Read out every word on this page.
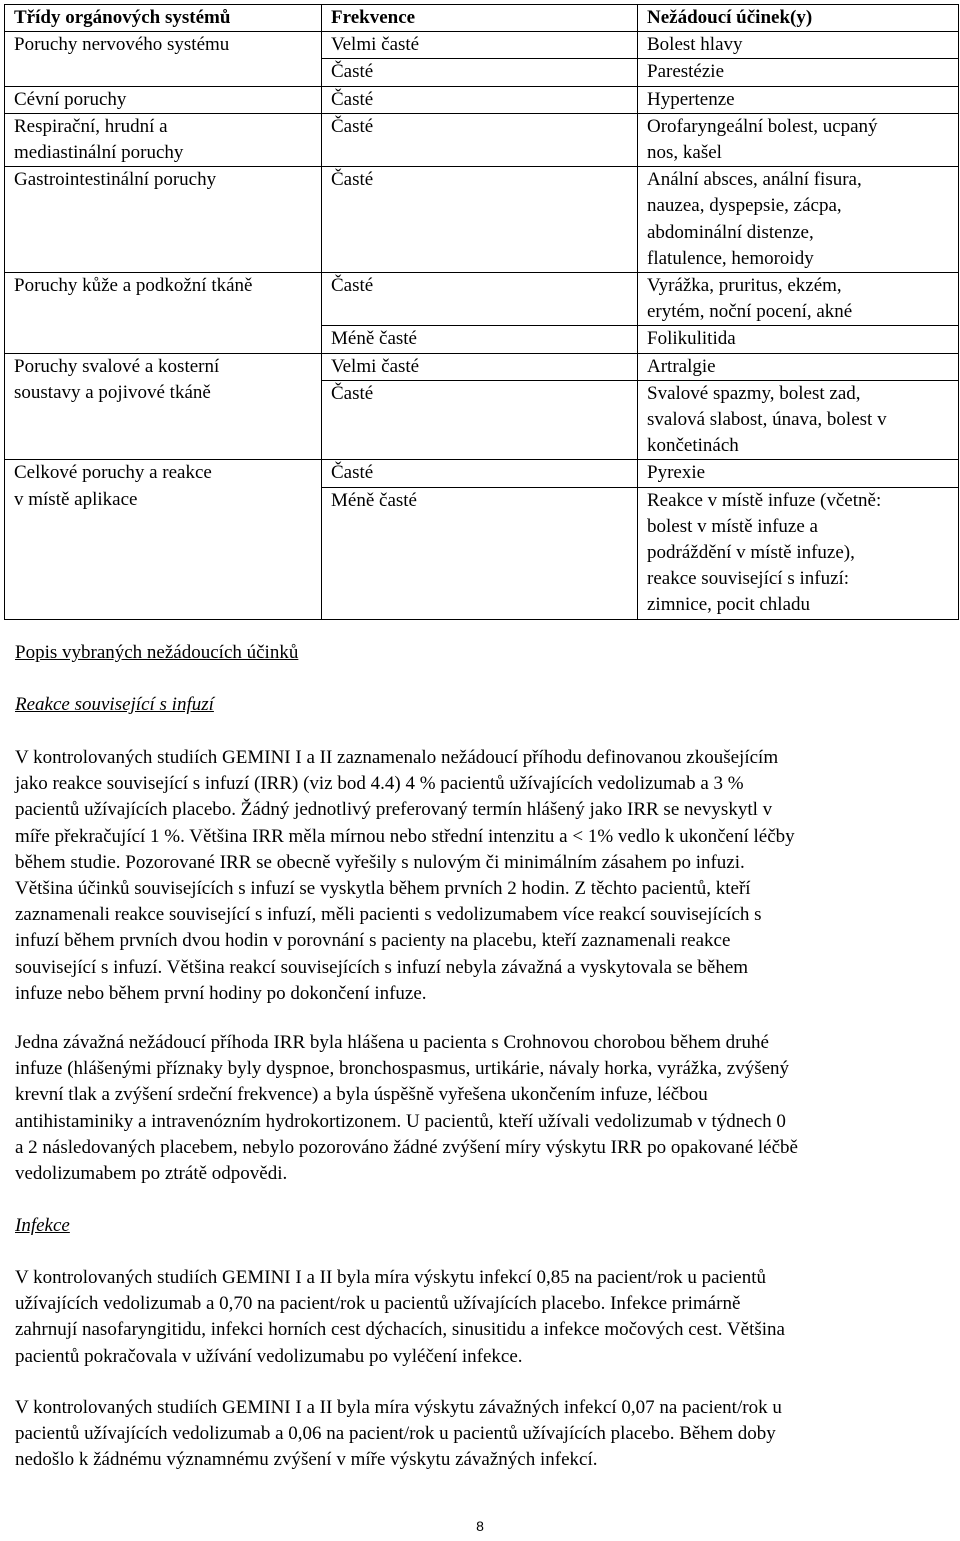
Třídy orgánových systémů	Frekvence	Nežádoucí účinek(y)

Poruchy nervového systému	Velmi časté	Bolest hlavy

	Časté	Parestézie

Cévní poruchy	Časté	Hypertenze

Respirační, hrudní a
mediastinální poruchy	Časté	Orofaryngeální bolest, ucpaný
nos, kašel

Gastrointestinální poruchy	Časté	Anální absces, anální fisura,
nauzea, dyspepsie, zácpa,
abdominální distenze,
flatulence, hemoroidy

Poruchy kůže a podkožní tkáně	Časté	Vyrážka, pruritus, ekzém,
erytém, noční pocení, akné

	Méně časté	Folikulitida

Poruchy svalové a kosterní
soustavy a pojivové tkáně	Velmi časté	Artralgie

	Časté	Svalové spazmy, bolest zad,
svalová slabost, únava, bolest v
končetinách

Celkové poruchy a reakce
v místě aplikace	Časté	Pyrexie

	Méně časté	Reakce v místě infuze (včetně:
bolest v místě infuze a
podráždění v místě infuze),
reakce související s infuzí:
zimnice, pocit chladu
Popis vybraných nežádoucích účinků
Reakce související s infuzí
V kontrolovaných studiích GEMINI I a II zaznamenalo nežádoucí příhodu definovanou zkoušejícím
jako reakce související s infuzí (IRR) (viz bod 4.4) 4 % pacientů užívajících vedolizumab a 3 %
pacientů užívajících placebo. Žádný jednotlivý preferovaný termín hlášený jako IRR se nevyskytl v
míře překračující 1 %. Většina IRR měla mírnou nebo střední intenzitu a < 1% vedlo k ukončení léčby
během studie. Pozorované IRR se obecně vyřešily s nulovým či minimálním zásahem po infuzi.
Většina účinků souvisejících s infuzí se vyskytla během prvních 2 hodin. Z těchto pacientů, kteří
zaznamenali reakce související s infuzí, měli pacienti s vedolizumabem více reakcí souvisejících s
infuzí během prvních dvou hodin v porovnání s pacienty na placebu, kteří zaznamenali reakce
související s infuzí. Většina reakcí souvisejících s infuzí nebyla závažná a vyskytovala se během
infuze nebo během první hodiny po dokončení infuze.
Jedna závažná nežádoucí příhoda IRR byla hlášena u pacienta s Crohnovou chorobou během druhé
infuze (hlášenými příznaky byly dyspnoe, bronchospasmus, urtikárie, návaly horka, vyrážka, zvýšený
krevní tlak a zvýšení srdeční frekvence) a byla úspěšně vyřešena ukončením infuze, léčbou
antihistaminiky a intravenózním hydrokortizonem. U pacientů, kteří užívali vedolizumab v týdnech 0
a 2 následovaných placebem, nebylo pozorováno žádné zvýšení míry výskytu IRR po opakované léčbě
vedolizumabem po ztrátě odpovědi.
Infekce
V kontrolovaných studiích GEMINI I a II byla míra výskytu infekcí 0,85 na pacient/rok u pacientů
užívajících vedolizumab a 0,70 na pacient/rok u pacientů užívajících placebo. Infekce primárně
zahrnují nasofaryngitidu, infekci horních cest dýchacích, sinusitidu a infekce močových cest. Většina
pacientů pokračovala v užívání vedolizumabu po vyléčení infekce.
V kontrolovaných studiích GEMINI I a II byla míra výskytu závažných infekcí 0,07 na pacient/rok u
pacientů užívajících vedolizumab a 0,06 na pacient/rok u pacientů užívajících placebo. Během doby
nedošlo k žádnému významnému zvýšení v míře výskytu závažných infekcí.
8
